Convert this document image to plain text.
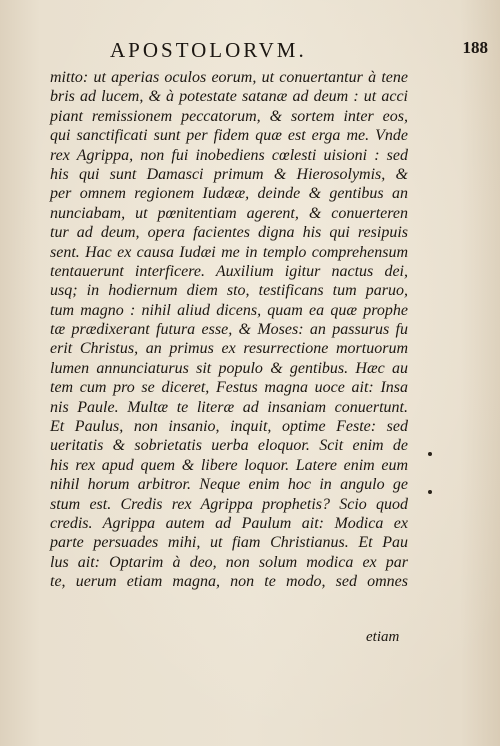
APOSTOLORVM.	188
mitto: ut aperias oculos eorum, ut conuertantur à tene
bris ad lucem, & à potestate satanæ ad deum : ut acci
piant remissionem peccatorum, & sortem inter eos,
qui sanctificati sunt per fidem quæ est erga me. Vnde
rex Agrippa, non fui inobediens cœlesti uisioni : sed
his qui sunt Damasci primum & Hierosolymis, &
per omnem regionem Iudææ, deinde & gentibus an
nunciabam, ut pœnitentiam agerent, & conuerteren
tur ad deum, opera facientes digna his qui resipuis
sent. Hac ex causa Iudæi me in templo comprehensum
tentauerunt interficere. Auxilium igitur nactus dei,
usq; in hodiernum diem sto, testificans tum paruo,
tum magno : nihil aliud dicens, quam ea quæ prophe
tæ prædixerant futura esse, & Moses: an passurus fu
erit Christus, an primus ex resurrectione mortuorum
lumen annunciaturus sit populo & gentibus. Hæc au
tem cum pro se diceret, Festus magna uoce ait: Insa
nis Paule. Multæ te literæ ad insaniam conuertunt.
Et Paulus, non insanio, inquit, optime Feste: sed
ueritatis & sobrietatis uerba eloquor. Scit enim de
his rex apud quem & libere loquor. Latere enim eum
nihil horum arbitror. Neque enim hoc in angulo ge
stum est. Credis rex Agrippa prophetis? Scio quod
credis. Agrippa autem ad Paulum ait: Modica ex
parte persuades mihi, ut fiam Christianus. Et Pau
lus ait: Optarim à deo, non solum modica ex par
te, uerum etiam magna, non te modo, sed omnes
etiam
